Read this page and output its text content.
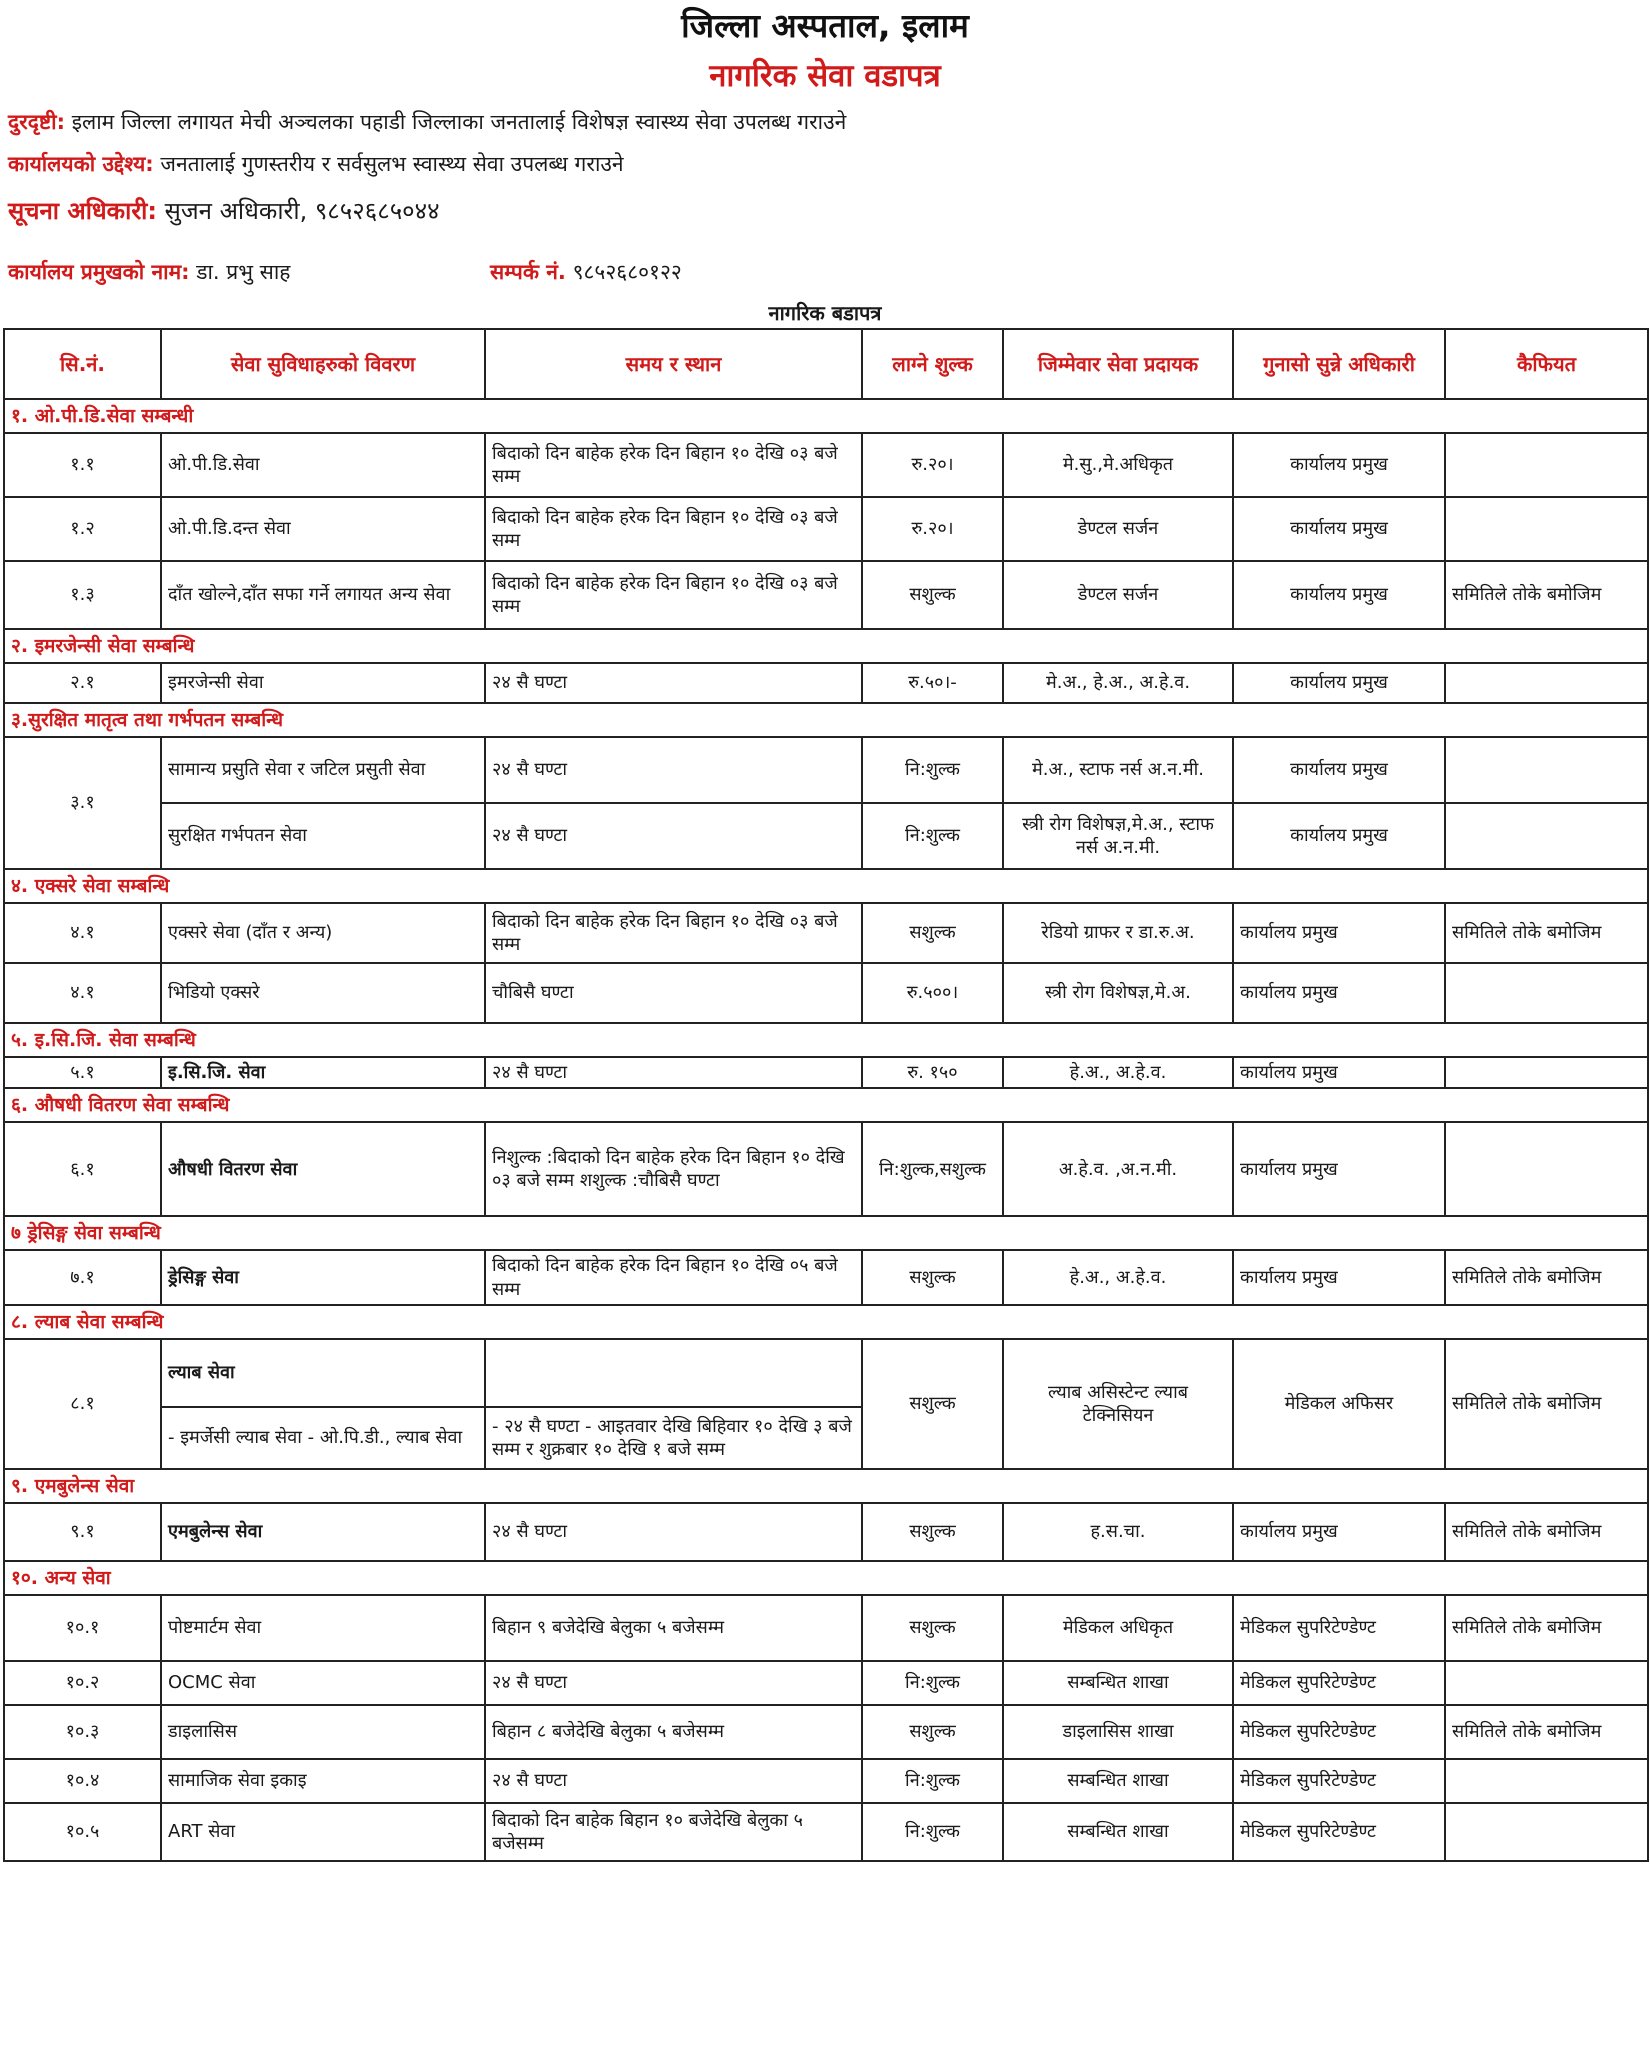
जिल्ला अस्पताल, इलाम
नागरिक सेवा वडापत्र
दुरदृष्टी: इलाम जिल्ला लगायत मेची अञ्चलका पहाडी जिल्लाका जनतालाई विशेषज्ञ स्वास्थ्य सेवा उपलब्ध गराउने
कार्यालयको उद्देश्य: जनतालाई गुणस्तरीय र सर्वसुलभ स्वास्थ्य सेवा उपलब्ध गराउने
सूचना अधिकारी: सुजन अधिकारी, ९८५२६८५०४४
कार्यालय प्रमुखको नाम: डा. प्रभु साह	सम्पर्क नं. ९८५२६८०१२२
नागरिक बडापत्र
सि.नं.	सेवा सुविधाहरुको विवरण	समय र स्थान	लाग्ने शुल्क	जिम्मेवार सेवा प्रदायक	गुनासो सुन्ने अधिकारी	कैफियत
१. ओ.पी.डि.सेवा सम्बन्धी						
१.१	ओ.पी.डि.सेवा	बिदाको दिन बाहेक हरेक दिन बिहान १० देखि ०३ बजे सम्म	रु.२०।	मे.सु.,मे.अधिकृत	कार्यालय प्रमुख	
१.२	ओ.पी.डि.दन्त सेवा	बिदाको दिन बाहेक हरेक दिन बिहान १० देखि ०३ बजे सम्म	रु.२०।	डेण्टल सर्जन	कार्यालय प्रमुख	
१.३	दाँत खोल्ने,दाँत सफा गर्ने लगायत अन्य सेवा	बिदाको दिन बाहेक हरेक दिन बिहान १० देखि ०३ बजे सम्म	सशुल्क	डेण्टल सर्जन	कार्यालय प्रमुख	समितिले तोके बमोजिम
२. इमरजेन्सी सेवा सम्बन्धि						
२.१	इमरजेन्सी सेवा	२४ सै घण्टा	रु.५०।-	मे.अ., हे.अ., अ.हे.व.	कार्यालय प्रमुख	
३.सुरक्षित मातृत्व तथा गर्भपतन सम्बन्धि						
३.१	सामान्य प्रसुति सेवा र जटिल प्रसुती सेवा	२४ सै घण्टा	नि:शुल्क	मे.अ., स्टाफ नर्स अ.न.मी.	कार्यालय प्रमुख	
	सुरक्षित गर्भपतन सेवा	२४ सै घण्टा	नि:शुल्क	स्त्री रोग विशेषज्ञ,मे.अ., स्टाफ नर्स अ.न.मी.	कार्यालय प्रमुख	
४. एक्सरे सेवा सम्बन्धि						
४.१	एक्सरे सेवा (दाँत र अन्य)	बिदाको दिन बाहेक हरेक दिन बिहान १० देखि ०३ बजे सम्म	सशुल्क	रेडियो ग्राफर र डा.रु.अ.	कार्यालय प्रमुख	समितिले तोके बमोजिम
४.१	भिडियो एक्सरे	चौबिसै घण्टा	रु.५००।	स्त्री रोग विशेषज्ञ,मे.अ.	कार्यालय प्रमुख	
५. इ.सि.जि. सेवा सम्बन्धि						
५.१	इ.सि.जि. सेवा	२४ सै घण्टा	रु. १५०	हे.अ., अ.हे.व.	कार्यालय प्रमुख	
६. औषधी वितरण सेवा सम्बन्धि						
६.१	औषधी वितरण सेवा	निशुल्क :बिदाको दिन बाहेक हरेक दिन बिहान १० देखि ०३ बजे सम्म शशुल्क :चौबिसै घण्टा	नि:शुल्क,सशुल्क	अ.हे.व. ,अ.न.मी.	कार्यालय प्रमुख	
७ ड्रेसिङ्ग सेवा सम्बन्धि						
७.१	ड्रेसिङ्ग सेवा	बिदाको दिन बाहेक हरेक दिन बिहान १० देखि ०५ बजे सम्म	सशुल्क	हे.अ., अ.हे.व.	कार्यालय प्रमुख	समितिले तोके बमोजिम
८. ल्याब सेवा सम्बन्धि						
८.१	ल्याब सेवा		सशुल्क	ल्याब असिस्टेन्ट ल्याब टेक्निसियन	मेडिकल अफिसर	समितिले तोके बमोजिम
	- इमर्जेसी ल्याब सेवा - ओ.पि.डी., ल्याब सेवा	- २४ सै घण्टा - आइतवार देखि बिहिवार १० देखि ३ बजे सम्म र शुक्रबार १० देखि १ बजे सम्म				
९. एमबुलेन्स सेवा						
९.१	एमबुलेन्स सेवा	२४ सै घण्टा	सशुल्क	ह.स.चा.	कार्यालय प्रमुख	समितिले तोके बमोजिम
१०. अन्य सेवा						
१०.१	पोष्टमार्टम सेवा	बिहान ९ बजेदेखि बेलुका ५ बजेसम्म	सशुल्क	मेडिकल अधिकृत	मेडिकल सुपरिटेण्डेण्ट	समितिले तोके बमोजिम
१०.२	OCMC सेवा	२४ सै घण्टा	नि:शुल्क	सम्बन्धित शाखा	मेडिकल सुपरिटेण्डेण्ट	
१०.३	डाइलासिस	बिहान ८ बजेदेखि बेलुका ५ बजेसम्म	सशुल्क	डाइलासिस शाखा	मेडिकल सुपरिटेण्डेण्ट	समितिले तोके बमोजिम
१०.४	सामाजिक सेवा इकाइ	२४ सै घण्टा	नि:शुल्क	सम्बन्धित शाखा	मेडिकल सुपरिटेण्डेण्ट	
१०.५	ART सेवा	बिदाको दिन बाहेक बिहान १० बजेदेखि बेलुका ५ बजेसम्म	नि:शुल्क	सम्बन्धित शाखा	मेडिकल सुपरिटेण्डेण्ट	
